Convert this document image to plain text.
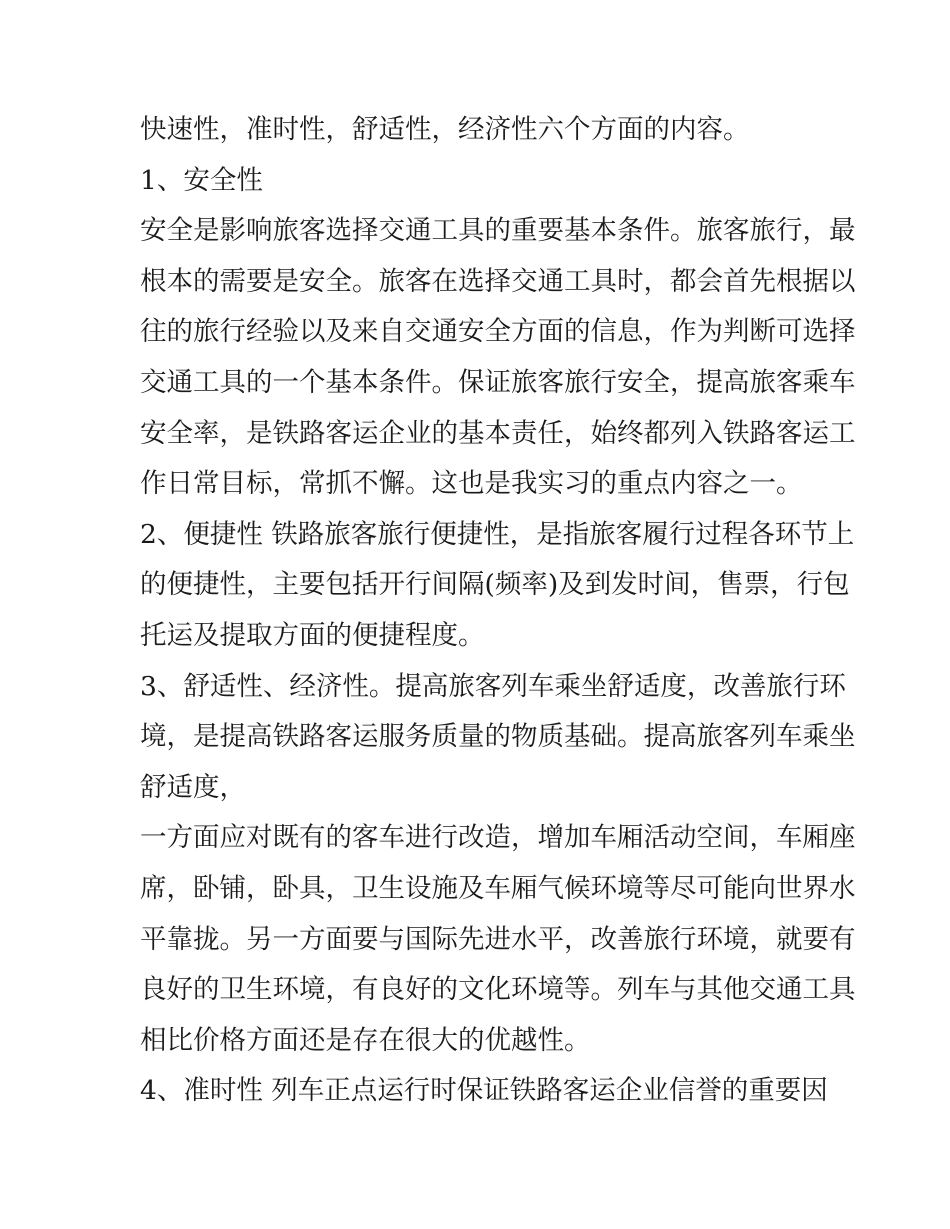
快速性，准时性，舒适性，经济性六个方面的内容。
1、安全性
安全是影响旅客选择交通工具的重要基本条件。旅客旅行，最
根本的需要是安全。旅客在选择交通工具时，都会首先根据以
往的旅行经验以及来自交通安全方面的信息，作为判断可选择
交通工具的一个基本条件。保证旅客旅行安全，提高旅客乘车
安全率，是铁路客运企业的基本责任，始终都列入铁路客运工
作日常目标，常抓不懈。这也是我实习的重点内容之一。
2、便捷性 铁路旅客旅行便捷性，是指旅客履行过程各环节上
的便捷性，主要包括开行间隔(频率)及到发时间，售票，行包
托运及提取方面的便捷程度。
3、舒适性、经济性。提高旅客列车乘坐舒适度，改善旅行环
境，是提高铁路客运服务质量的物质基础。提高旅客列车乘坐
舒适度，
一方面应对既有的客车进行改造，增加车厢活动空间，车厢座
席，卧铺，卧具，卫生设施及车厢气候环境等尽可能向世界水
平靠拢。另一方面要与国际先进水平，改善旅行环境，就要有
良好的卫生环境，有良好的文化环境等。列车与其他交通工具
相比价格方面还是存在很大的优越性。
4、准时性 列车正点运行时保证铁路客运企业信誉的重要因
